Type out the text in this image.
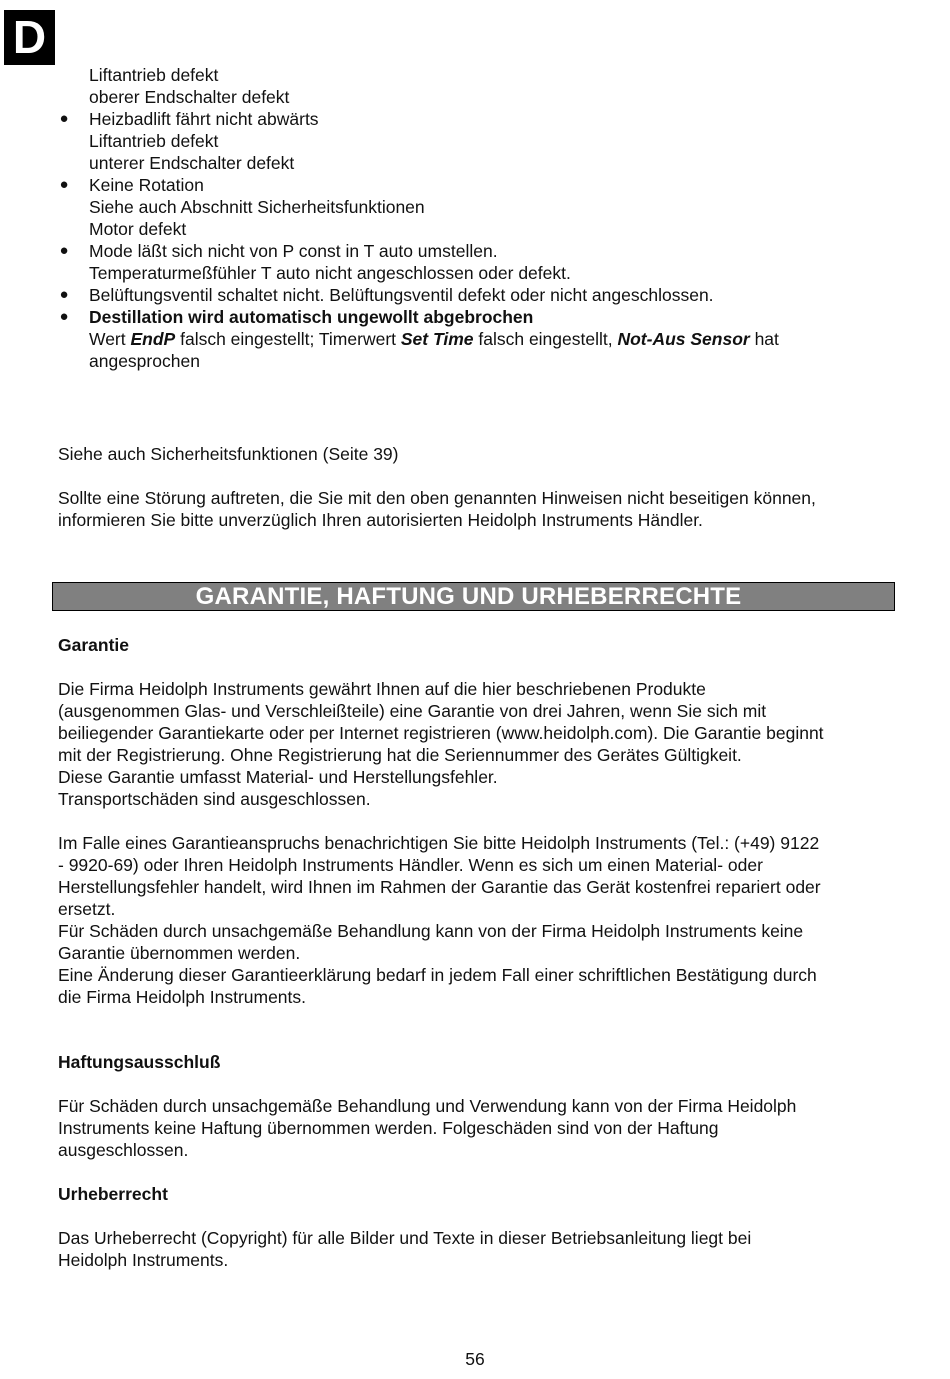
D
Liftantrieb defekt
oberer Endschalter defekt
● Heizbadlift fährt nicht abwärts
Liftantrieb defekt
unterer Endschalter defekt
● Keine Rotation
Siehe auch Abschnitt Sicherheitsfunktionen
Motor defekt
● Mode läßt sich nicht von P const in T auto umstellen.
Temperaturmeßfühler T auto nicht angeschlossen oder defekt.
● Belüftungsventil schaltet nicht. Belüftungsventil defekt oder nicht angeschlossen.
● Destillation wird automatisch ungewollt abgebrochen
Wert EndP falsch eingestellt; Timerwert Set Time falsch eingestellt, Not-Aus Sensor hat
angesprochen
Siehe auch Sicherheitsfunktionen (Seite 39)
Sollte eine Störung auftreten, die Sie mit den oben genannten Hinweisen nicht beseitigen können,
informieren Sie bitte unverzüglich Ihren autorisierten Heidolph Instruments Händler.
GARANTIE, HAFTUNG UND URHEBERRECHTE
Garantie
Die Firma Heidolph Instruments gewährt Ihnen auf die hier beschriebenen Produkte
(ausgenommen Glas- und Verschleißteile) eine Garantie von drei Jahren, wenn Sie sich mit
beiliegender Garantiekarte oder per Internet registrieren (www.heidolph.com). Die Garantie beginnt
mit der Registrierung. Ohne Registrierung hat die Seriennummer des Gerätes Gültigkeit.
Diese Garantie umfasst Material- und Herstellungsfehler.
Transportschäden sind ausgeschlossen.
Im Falle eines Garantieanspruchs benachrichtigen Sie bitte Heidolph Instruments (Tel.: (+49) 9122
- 9920-69) oder Ihren Heidolph Instruments Händler. Wenn es sich um einen Material- oder
Herstellungsfehler handelt, wird Ihnen im Rahmen der Garantie das Gerät kostenfrei repariert oder
ersetzt.
Für Schäden durch unsachgemäße Behandlung kann von der Firma Heidolph Instruments keine
Garantie übernommen werden.
Eine Änderung dieser Garantieerklärung bedarf in jedem Fall einer schriftlichen Bestätigung durch
die Firma Heidolph Instruments.
Haftungsausschluß
Für Schäden durch unsachgemäße Behandlung und Verwendung kann von der Firma Heidolph
Instruments keine Haftung übernommen werden. Folgeschäden sind von der Haftung
ausgeschlossen.
Urheberrecht
Das Urheberrecht (Copyright) für alle Bilder und Texte in dieser Betriebsanleitung liegt bei
Heidolph Instruments.
56
